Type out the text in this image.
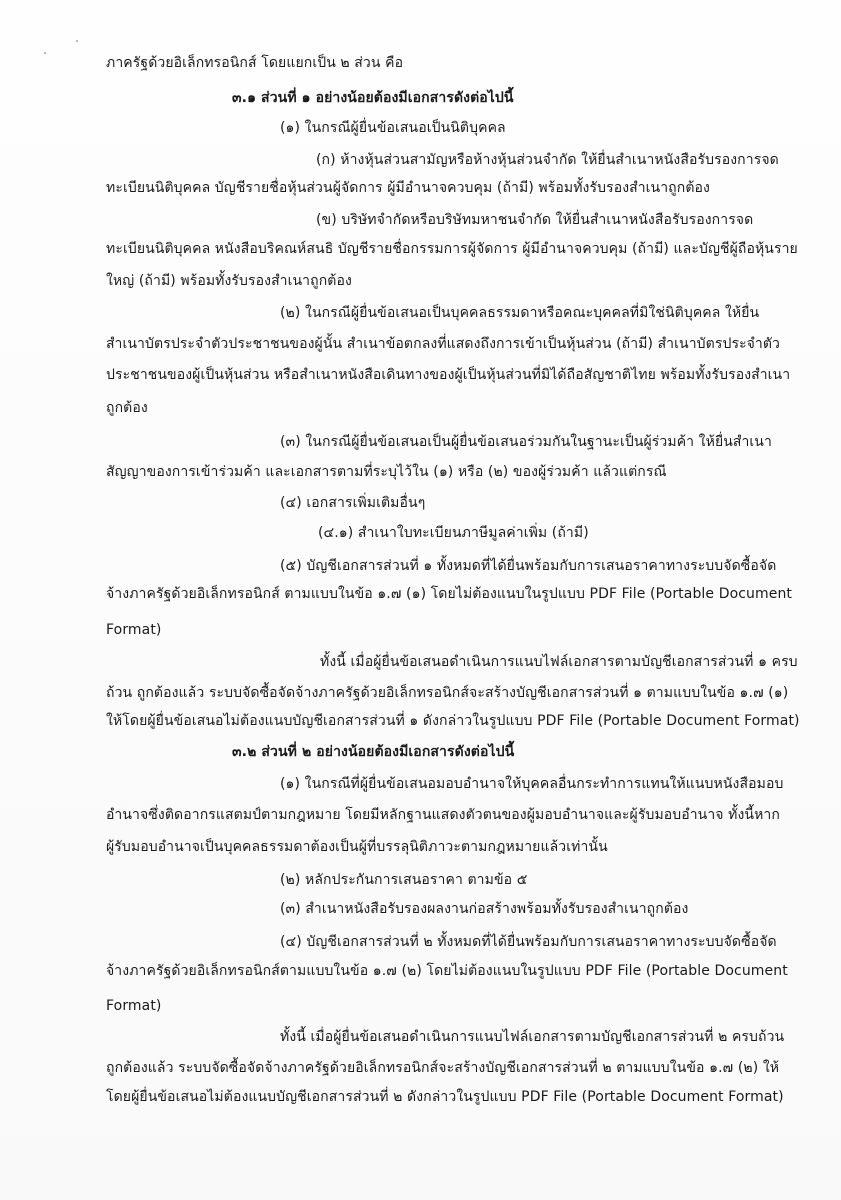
ภาครัฐด้วยอิเล็กทรอนิกส์ โดยแยกเป็น ๒ ส่วน คือ
๓.๑ ส่วนที่ ๑ อย่างน้อยต้องมีเอกสารดังต่อไปนี้
(๑) ในกรณีผู้ยื่นข้อเสนอเป็นนิติบุคคล
(ก) ห้างหุ้นส่วนสามัญหรือห้างหุ้นส่วนจำกัด ให้ยื่นสำเนาหนังสือรับรองการจด
ทะเบียนนิติบุคคล บัญชีรายชื่อหุ้นส่วนผู้จัดการ ผู้มีอำนาจควบคุม (ถ้ามี) พร้อมทั้งรับรองสำเนาถูกต้อง
(ข) บริษัทจำกัดหรือบริษัทมหาชนจำกัด ให้ยื่นสำเนาหนังสือรับรองการจด
ทะเบียนนิติบุคคล หนังสือบริคณห์สนธิ บัญชีรายชื่อกรรมการผู้จัดการ ผู้มีอำนาจควบคุม (ถ้ามี) และบัญชีผู้ถือหุ้นราย
ใหญ่ (ถ้ามี) พร้อมทั้งรับรองสำเนาถูกต้อง
(๒) ในกรณีผู้ยื่นข้อเสนอเป็นบุคคลธรรมดาหรือคณะบุคคลที่มิใช่นิติบุคคล ให้ยื่น
สำเนาบัตรประจำตัวประชาชนของผู้นั้น สำเนาข้อตกลงที่แสดงถึงการเข้าเป็นหุ้นส่วน (ถ้ามี) สำเนาบัตรประจำตัว
ประชาชนของผู้เป็นหุ้นส่วน หรือสำเนาหนังสือเดินทางของผู้เป็นหุ้นส่วนที่มิได้ถือสัญชาติไทย พร้อมทั้งรับรองสำเนา
ถูกต้อง
(๓) ในกรณีผู้ยื่นข้อเสนอเป็นผู้ยื่นข้อเสนอร่วมกันในฐานะเป็นผู้ร่วมค้า ให้ยื่นสำเนา
สัญญาของการเข้าร่วมค้า และเอกสารตามที่ระบุไว้ใน (๑) หรือ (๒) ของผู้ร่วมค้า แล้วแต่กรณี
(๔) เอกสารเพิ่มเติมอื่นๆ
(๔.๑) สำเนาใบทะเบียนภาษีมูลค่าเพิ่ม (ถ้ามี)
(๕) บัญชีเอกสารส่วนที่ ๑ ทั้งหมดที่ได้ยื่นพร้อมกับการเสนอราคาทางระบบจัดซื้อจัด
จ้างภาครัฐด้วยอิเล็กทรอนิกส์ ตามแบบในข้อ ๑.๗ (๑) โดยไม่ต้องแนบในรูปแบบ PDF File (Portable Document
Format)
ทั้งนี้ เมื่อผู้ยื่นข้อเสนอดำเนินการแนบไฟล์เอกสารตามบัญชีเอกสารส่วนที่ ๑ ครบ
ถ้วน ถูกต้องแล้ว ระบบจัดซื้อจัดจ้างภาครัฐด้วยอิเล็กทรอนิกส์จะสร้างบัญชีเอกสารส่วนที่ ๑ ตามแบบในข้อ ๑.๗ (๑)
ให้โดยผู้ยื่นข้อเสนอไม่ต้องแนบบัญชีเอกสารส่วนที่ ๑ ดังกล่าวในรูปแบบ PDF File (Portable Document Format)
๓.๒ ส่วนที่ ๒ อย่างน้อยต้องมีเอกสารดังต่อไปนี้
(๑) ในกรณีที่ผู้ยื่นข้อเสนอมอบอำนาจให้บุคคลอื่นกระทำการแทนให้แนบหนังสือมอบ
อำนาจซึ่งติดอากรแสตมป์ตามกฎหมาย โดยมีหลักฐานแสดงตัวตนของผู้มอบอำนาจและผู้รับมอบอำนาจ ทั้งนี้หาก
ผู้รับมอบอำนาจเป็นบุคคลธรรมดาต้องเป็นผู้ที่บรรลุนิติภาวะตามกฎหมายแล้วเท่านั้น
(๒) หลักประกันการเสนอราคา ตามข้อ ๕
(๓) สำเนาหนังสือรับรองผลงานก่อสร้างพร้อมทั้งรับรองสำเนาถูกต้อง
(๔) บัญชีเอกสารส่วนที่ ๒ ทั้งหมดที่ได้ยื่นพร้อมกับการเสนอราคาทางระบบจัดซื้อจัด
จ้างภาครัฐด้วยอิเล็กทรอนิกส์ตามแบบในข้อ ๑.๗ (๒) โดยไม่ต้องแนบในรูปแบบ PDF File (Portable Document
Format)
ทั้งนี้ เมื่อผู้ยื่นข้อเสนอดำเนินการแนบไฟล์เอกสารตามบัญชีเอกสารส่วนที่ ๒ ครบถ้วน
ถูกต้องแล้ว ระบบจัดซื้อจัดจ้างภาครัฐด้วยอิเล็กทรอนิกส์จะสร้างบัญชีเอกสารส่วนที่ ๒ ตามแบบในข้อ ๑.๗ (๒) ให้
โดยผู้ยื่นข้อเสนอไม่ต้องแนบบัญชีเอกสารส่วนที่ ๒ ดังกล่าวในรูปแบบ PDF File (Portable Document Format)
